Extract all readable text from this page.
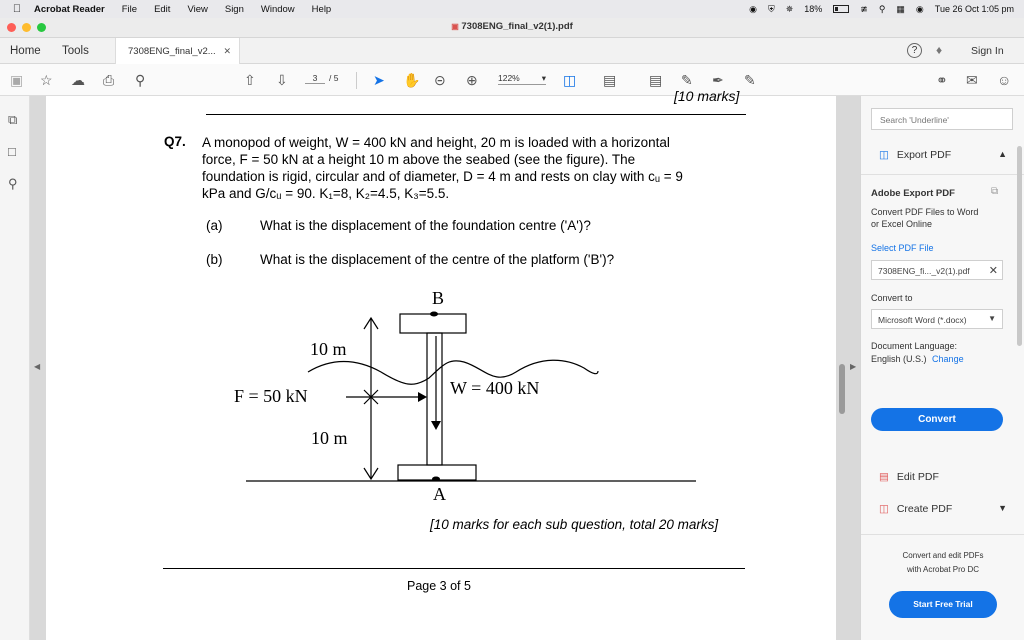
Acrobat Reader File Edit View Sign Window Help	◉ ⛨ ✵ 18%	≇ ⚲ ▦ ◉ Tue 26 Oct 1:05 pm
▣ 7308ENG_final_v2(1).pdf
Home Tools	7308ENG_final_v2... ✕	?	♦	Sign In
▣ ☆ ☁ ⎙ ⚲	⇧ ⇩	3	/ 5 ➤ ✋ ⊝ ⊕ 122%	▾ ◫ ▤ ▤ ✎ ✒ ✎	⚭ ✉ ☺
⧉
□
⚲
◀
[10 marks]
Q7. A monopod of weight, W = 400 kN and height, 20 m is loaded with a horizontal
force, F = 50 kN at a height 10 m above the seabed (see the figure). The
foundation is rigid, circular and of diameter, D = 4 m and rests on clay with cᵤ = 9
kPa and G/cᵤ = 90. K₁=8, K₂=4.5, K₃=5.5.
(a)	What is the displacement of the foundation centre ('A')?
(b)	What is the displacement of the centre of the platform ('B')?
B
A
10 m
10 m
F = 50 kN	W = 400 kN
[10 marks for each sub question, total 20 marks]
Page 3 of 5
▶
Search 'Underline'
◫ Export PDF	▲
Adobe Export PDF	⧉
Convert PDF Files to Word
or Excel Online
Select PDF File
7308ENG_fi..._v2(1).pdf ✕
Convert to
Microsoft Word (*.docx)	▼
Document Language:
English (U.S.) Change
Convert
▤ Edit PDF
◫ Create PDF	▼
Convert and edit PDFs
with Acrobat Pro DC
Start Free Trial
